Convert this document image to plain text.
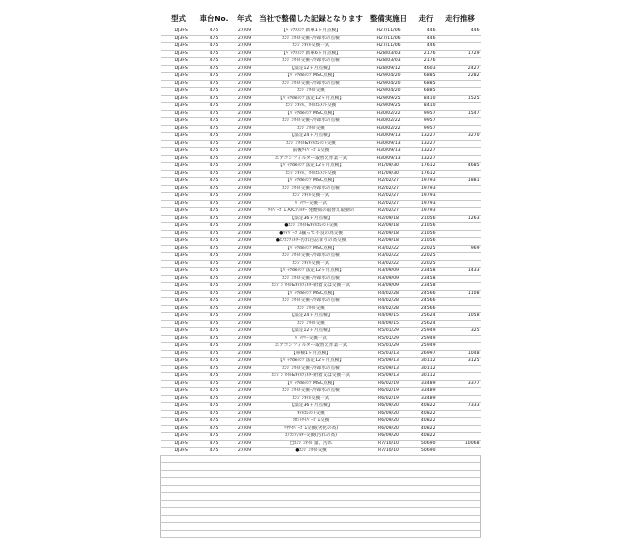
型式	車台No.	年式	当社で整備した記録となります	整備実施日	走行	走行推移
DJ3FS	475	27/09	【ﾍﾞｯｸｽﾒﾝﾃ 新車1ヶ月点検】	H27/11/06	446	446
DJ3FS	475	27/09	ｴﾝｼﾞﾝｵｲﾙ交換･冷却水の点検	H27/11/06	446	
DJ3FS	475	27/09	ｴﾝｼﾞﾝｵｲﾙ交換一式	H27/11/06	446	
DJ3FS	475	27/09	【ﾍﾞｯｸｽﾒﾝﾃ 新車6ヶ月点検】	H28/03/03	2176	1729
DJ3FS	475	27/09	ｴﾝｼﾞﾝｵｲﾙ交換･冷却水の点検	H28/03/03	2176	
DJ3FS	475	27/09	【法定12ヶ月点検】	H28/09/12	4603	2427
DJ3FS	475	27/09	【ﾊﾟｯｸdeﾒﾝﾃ MSC点検】	H29/04/20	6885	2282
DJ3FS	475	27/09	ｴﾝｼﾞﾝｵｲﾙ交換･冷却水の点検	H29/04/20	6885	
DJ3FS	475	27/09	ｴﾝｼﾞﾝｵｲﾙ交換	H29/04/20	6885	
DJ3FS	475	27/09	【ﾊﾟｯｸdeﾒﾝﾃ 法定12ヶ月点検】	H29/09/25	8410	1525
DJ3FS	475	27/09	ｴﾝｼﾞﾝｵｲﾙ、ｵｲﾙｴﾚﾒﾝﾄ交換	H29/09/25	8410	
DJ3FS	475	27/09	【ﾊﾟｯｸdeﾒﾝﾃ MSC点検】	H30/02/22	9957	1547
DJ3FS	475	27/09	ｴﾝｼﾞﾝｵｲﾙ交換･冷却水の点検	H30/02/22	9957	
DJ3FS	475	27/09	ｴﾝｼﾞﾝｵｲﾙ交換	H30/02/22	9957	
DJ3FS	475	27/09	【法定24ヶ月点検】	H30/09/13	13227	3270
DJ3FS	475	27/09	ｴﾝｼﾞﾝｵｲﾙ&ｵｲﾙｴﾚﾒﾝﾄ交換	H30/09/13	13227	
DJ3FS	475	27/09	前後ﾜｲﾊﾟｰｺﾞﾑ交換	H30/09/13	13227	
DJ3FS	475	27/09	エアコンフィルター取替え作業一式	H30/09/13	13227	
DJ3FS	475	27/09	【ﾊﾟｯｸdeﾒﾝﾃ 法定12ヶ月点検】	R1/09/30	17612	4685
DJ3FS	475	27/09	ｴﾝｼﾞﾝｵｲﾙ、ｵｲﾙｴﾚﾒﾝﾄ交換	R1/09/30	17612	
DJ3FS	475	27/09	【ﾊﾟｯｸdeﾒﾝﾃ MSC点検】	R2/02/27	19793	1881
DJ3FS	475	27/09	ｴﾝｼﾞﾝｵｲﾙ交換･冷却水の点検	R2/02/27	19793	
DJ3FS	475	27/09	ｴﾝｼﾞﾝｵｲﾙ交換一式	R2/02/27	19793	
DJ3FS	475	27/09	ﾊﾞｯﾃﾘｰ交換一式	R2/02/27	19793	
DJ3FS	475	27/09	ﾜｲﾊﾟｰｺﾞﾑ A/Cﾌｨﾙﾀｰ 発煙筒の取替え取動の	R2/02/27	19793	
DJ3FS	475	27/09	【法定36ヶ月点検】	R2/09/18	21056	1263
DJ3FS	475	27/09	●ｴﾝｼﾞﾝｵｲﾙ&ｵｲﾙｴﾚﾒﾝﾄ交換	R2/09/18	21056	
DJ3FS	475	27/09	●ﾜｲﾊﾟｰｺﾞﾑ揃って不良の為交換	R2/09/18	21056	
DJ3FS	475	27/09	●ｴｱｺﾝﾌｨﾙﾀｰ汚れ目詰まりの為交換	R2/09/18	21056	
DJ3FS	475	27/09	【ﾊﾟｯｸdeﾒﾝﾃ MSC点検】	R3/02/22	22025	969
DJ3FS	475	27/09	ｴﾝｼﾞﾝｵｲﾙ交換･冷却水の点検	R3/02/22	22025	
DJ3FS	475	27/09	ｴﾝｼﾞﾝｵｲﾙ交換一式	R3/02/22	22025	
DJ3FS	475	27/09	【ﾊﾟｯｸdeﾒﾝﾃ 法定12ヶ月点検】	R3/09/09	23458	1433
DJ3FS	475	27/09	ｴﾝｼﾞﾝｵｲﾙ交換･冷却水の点検	R3/09/09	23458	
DJ3FS	475	27/09	ｴﾝｼﾞﾝ ｵｲﾙ&ｵｲﾙﾌｨﾙﾀｰ附着又は交換一式	R3/09/09	23458	
DJ3FS	475	27/09	【ﾊﾟｯｸdeﾒﾝﾃ MSC点検】	R4/02/28	24566	1108
DJ3FS	475	27/09	ｴﾝｼﾞﾝｵｲﾙ交換･冷却水の点検	R4/02/28	24566	
DJ3FS	475	27/09	ｴﾝｼﾞﾝｵｲﾙ交換	R4/02/28	24566	
DJ3FS	475	27/09	【法定24ヶ月点検】	R4/09/15	25624	1058
DJ3FS	475	27/09	ｴﾝｼﾞﾝｵｲﾙ交換	R4/09/15	25624	
DJ3FS	475	27/09	【法定12ヶ月点検】	R5/01/29	25949	325
DJ3FS	475	27/09	ﾊﾞｯﾃﾘｰ交換一式	R5/01/29	25949	
DJ3FS	475	27/09	エアコンフィルター取替え作業一式	R5/01/29	25949	
DJ3FS	475	27/09	【車検1ヶ月点検】	R5/03/13	26997	1048
DJ3FS	475	27/09	【ﾊﾟｯｸdeﾒﾝﾃ 法定12ヶ月点検】	R5/09/13	30112	3125
DJ3FS	475	27/09	ｴﾝｼﾞﾝｵｲﾙ交換･冷却水の点検	R5/09/13	30112	
DJ3FS	475	27/09	ｴﾝｼﾞﾝ ｵｲﾙ&ｵｲﾙﾌｨﾙﾀｰ附着又は交換一式	R5/09/13	30112	
DJ3FS	475	27/09	【ﾊﾟｯｸdeﾒﾝﾃ MSC点検】	R6/02/19	33489	3377
DJ3FS	475	27/09	ｴﾝｼﾞﾝｵｲﾙ交換･冷却水の点検	R6/02/19	33489	
DJ3FS	475	27/09	ｴﾝｼﾞﾝｵｲﾙ交換一式	R6/02/19	33489	
DJ3FS	475	27/09	【法定36ヶ月点検】	R6/09/20	40822	7333
DJ3FS	475	27/09	ｵｲﾙｴﾚﾒﾝﾄ交換	R6/09/20	40822	
DJ3FS	475	27/09	ﾌﾛﾝﾄﾜｲﾊﾟｰｺﾞﾑ交換	R6/09/20	40822	
DJ3FS	475	27/09	ﾘﾔﾜｲﾊﾟｰｺﾞﾑ交換(劣化の為)	R6/09/20	40822	
DJ3FS	475	27/09	ｴｱｺﾝﾌｨﾙﾀｰ交換(汚れの為)	R6/09/20	40822	
DJ3FS	475	27/09	□ｴﾝｼﾞﾝｵｲﾙ 量、汚れ	R7/10/10	50690	10068
DJ3FS	475	27/09	●ｴﾝｼﾞﾝｵｲﾙ交換	R7/10/10	50690	
